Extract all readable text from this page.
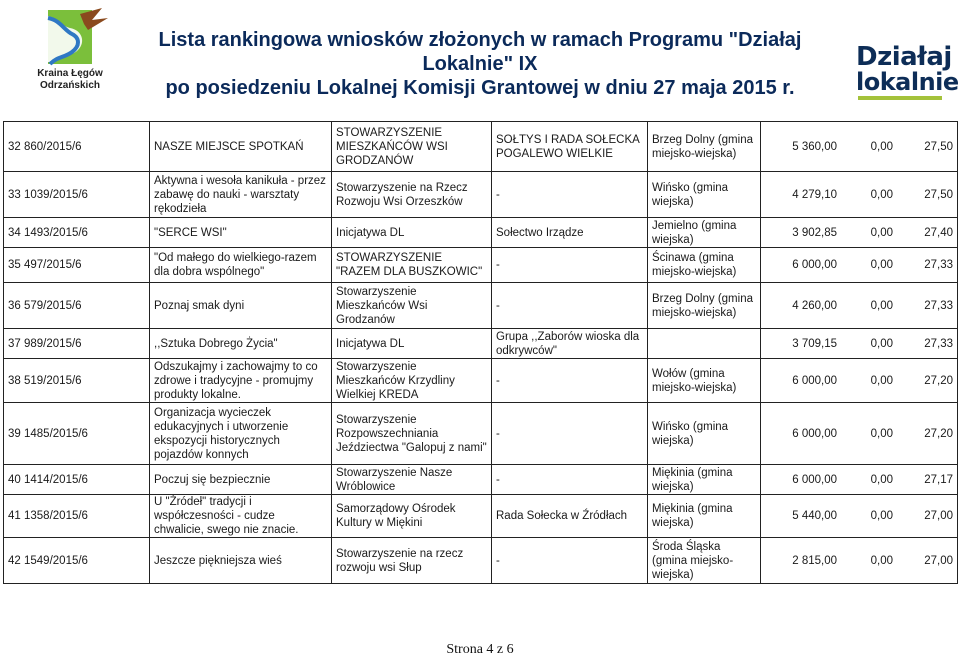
Kraina Łęgów
Odrzańskich
Lista rankingowa wniosków złożonych w ramach Programu "Działaj Lokalnie" IX
po posiedzeniu Lokalnej Komisji Grantowej w dniu 27 maja 2015 r.
Działaj
lokalnie
32 860/2015/6	NASZE MIEJSCE SPOTKAŃ	STOWARZYSZENIE MIESZKAŃCÓW WSI GRODZANÓW	SOŁTYS I RADA SOŁECKA POGALEWO WIELKIE	Brzeg Dolny (gmina miejsko-wiejska)	5 360,00 0,00 27,50

33 1039/2015/6	Aktywna i wesoła kanikuła - przez zabawę do nauki - warsztaty rękodzieła	Stowarzyszenie na Rzecz Rozwoju Wsi Orzeszków	-	Wińsko (gmina wiejska)	4 279,10 0,00 27,50

34 1493/2015/6	"SERCE WSI"	Inicjatywa DL	Sołectwo Irządze	Jemielno (gmina wiejska)	3 902,85 0,00 27,40

35 497/2015/6	"Od małego do wielkiego-razem dla dobra wspólnego"	STOWARZYSZENIE "RAZEM DLA BUSZKOWIC"	-	Ścinawa (gmina miejsko-wiejska)	6 000,00 0,00 27,33

36 579/2015/6	Poznaj smak dyni	Stowarzyszenie Mieszkańców Wsi Grodzanów	-	Brzeg Dolny (gmina miejsko-wiejska)	4 260,00 0,00 27,33

37 989/2015/6	,,Sztuka Dobrego Życia"	Inicjatywa DL	Grupa ,,Zaborów wioska dla odkrywców"		3 709,15 0,00 27,33

38 519/2015/6	Odszukajmy i zachowajmy to co zdrowe i tradycyjne - promujmy produkty lokalne.	Stowarzyszenie Mieszkańców Krzydliny Wielkiej KREDA	-	Wołów (gmina miejsko-wiejska)	6 000,00 0,00 27,20

39 1485/2015/6	Organizacja wycieczek edukacyjnych i utworzenie ekspozycji historycznych pojazdów konnych	Stowarzyszenie Rozpowszechniania Jeździectwa "Galopuj z nami"	-	Wińsko (gmina wiejska)	6 000,00 0,00 27,20

40 1414/2015/6	Poczuj się bezpiecznie	Stowarzyszenie Nasze Wróblowice	-	Miękinia (gmina wiejska)	6 000,00 0,00 27,17

41 1358/2015/6	U "Źródeł" tradycji i współczesności - cudze chwalicie, swego nie znacie.	Samorządowy Ośrodek Kultury w Miękini	Rada Sołecka w Źródłach	Miękinia (gmina wiejska)	5 440,00 0,00 27,00

42 1549/2015/6	Jeszcze piękniejsza wieś	Stowarzyszenie na rzecz rozwoju wsi Słup	-	Środa Śląska (gmina miejsko-wiejska)	2 815,00 0,00 27,00
Strona 4 z 6
